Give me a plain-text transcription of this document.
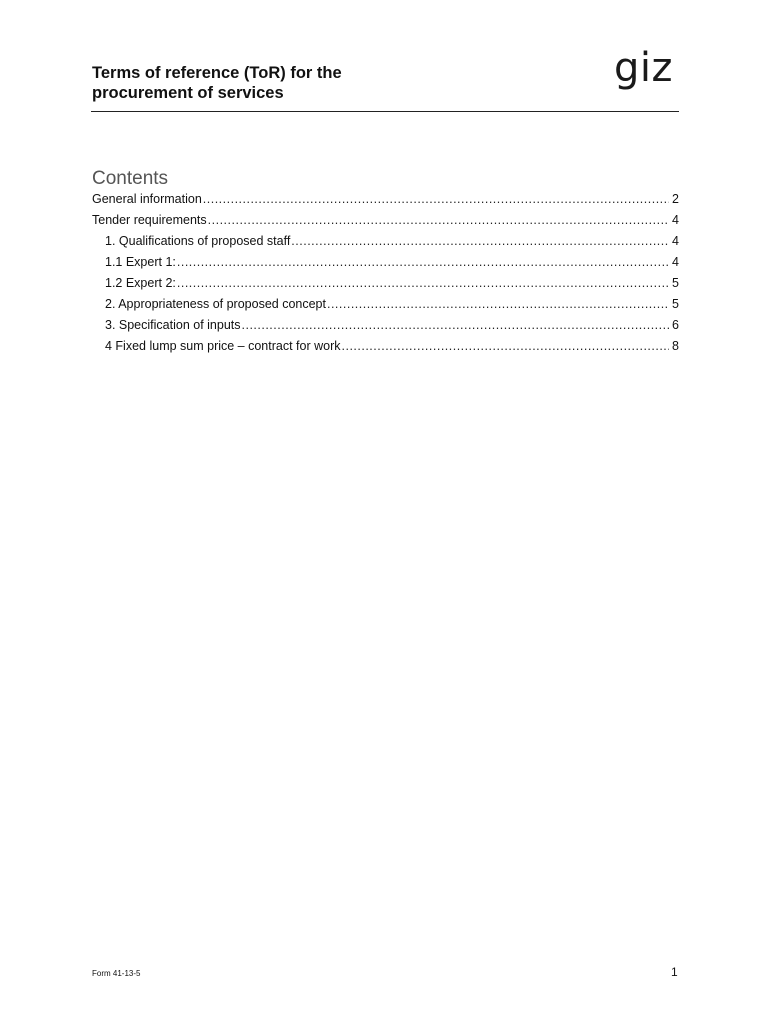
Terms of reference (ToR) for the
procurement of services
giz
Contents
General information .....	2
Tender requirements .....	4
1. Qualifications of proposed staff .....	4
1.1 Expert 1: .....	4
1.2 Expert 2: .....	5
2. Appropriateness of proposed concept .....	5
3. Specification of inputs .....	6
4 Fixed lump sum price – contract for work .....	8
Form 41-13-5	1
